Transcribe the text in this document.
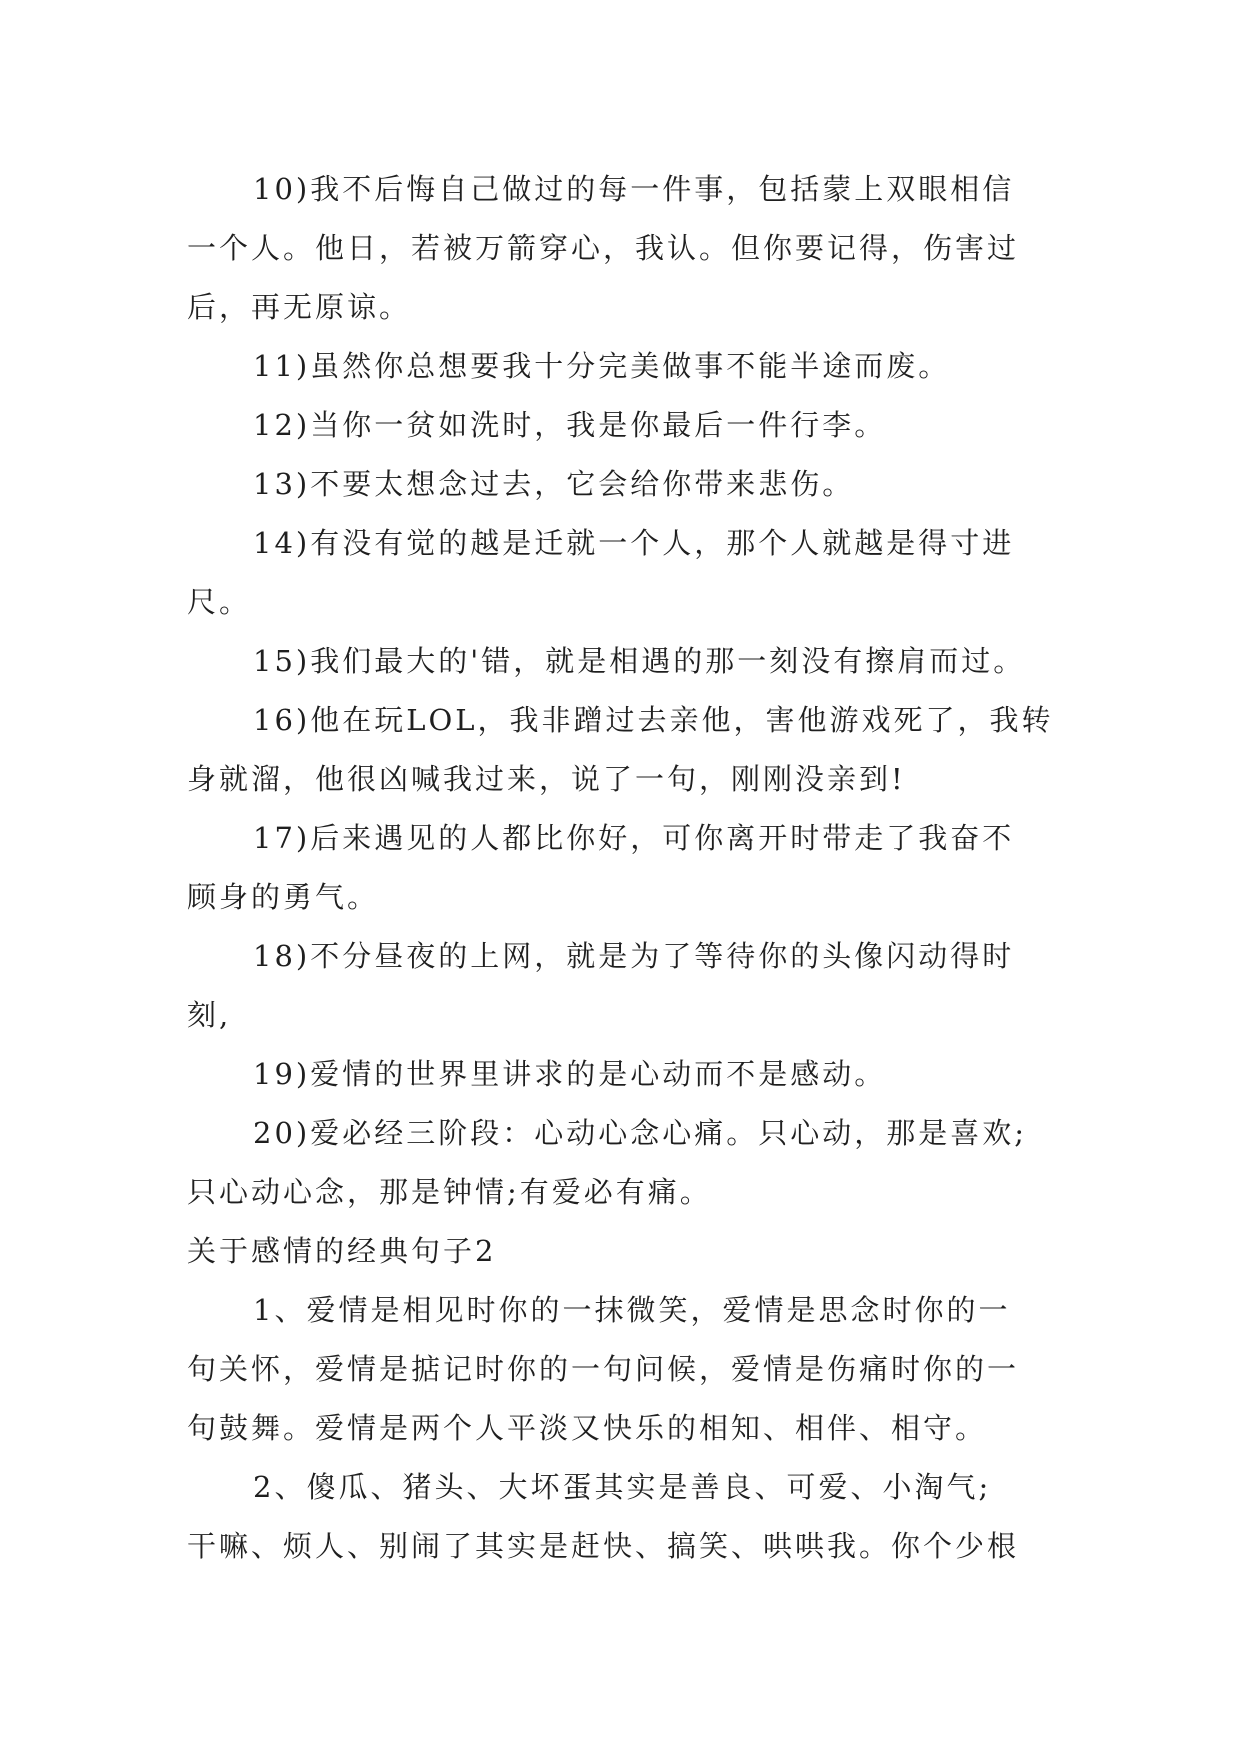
10)我不后悔自己做过的每一件事，包括蒙上双眼相信
一个人。他日，若被万箭穿心，我认。但你要记得，伤害过
后，再无原谅。
11)虽然你总想要我十分完美做事不能半途而废。
12)当你一贫如洗时，我是你最后一件行李。
13)不要太想念过去，它会给你带来悲伤。
14)有没有觉的越是迁就一个人，那个人就越是得寸进
尺。
15)我们最大的'错，就是相遇的那一刻没有擦肩而过。
16)他在玩LOL，我非蹭过去亲他，害他游戏死了，我转
身就溜，他很凶喊我过来，说了一句，刚刚没亲到!
17)后来遇见的人都比你好，可你离开时带走了我奋不
顾身的勇气。
18)不分昼夜的上网，就是为了等待你的头像闪动得时
刻,
19)爱情的世界里讲求的是心动而不是感动。
20)爱必经三阶段：心动心念心痛。只心动，那是喜欢;
只心动心念，那是钟情;有爱必有痛。
关于感情的经典句子2
1、爱情是相见时你的一抹微笑，爱情是思念时你的一
句关怀，爱情是掂记时你的一句问候，爱情是伤痛时你的一
句鼓舞。爱情是两个人平淡又快乐的相知、相伴、相守。
2、傻瓜、猪头、大坏蛋其实是善良、可爱、小淘气;
干嘛、烦人、别闹了其实是赶快、搞笑、哄哄我。你个少根
